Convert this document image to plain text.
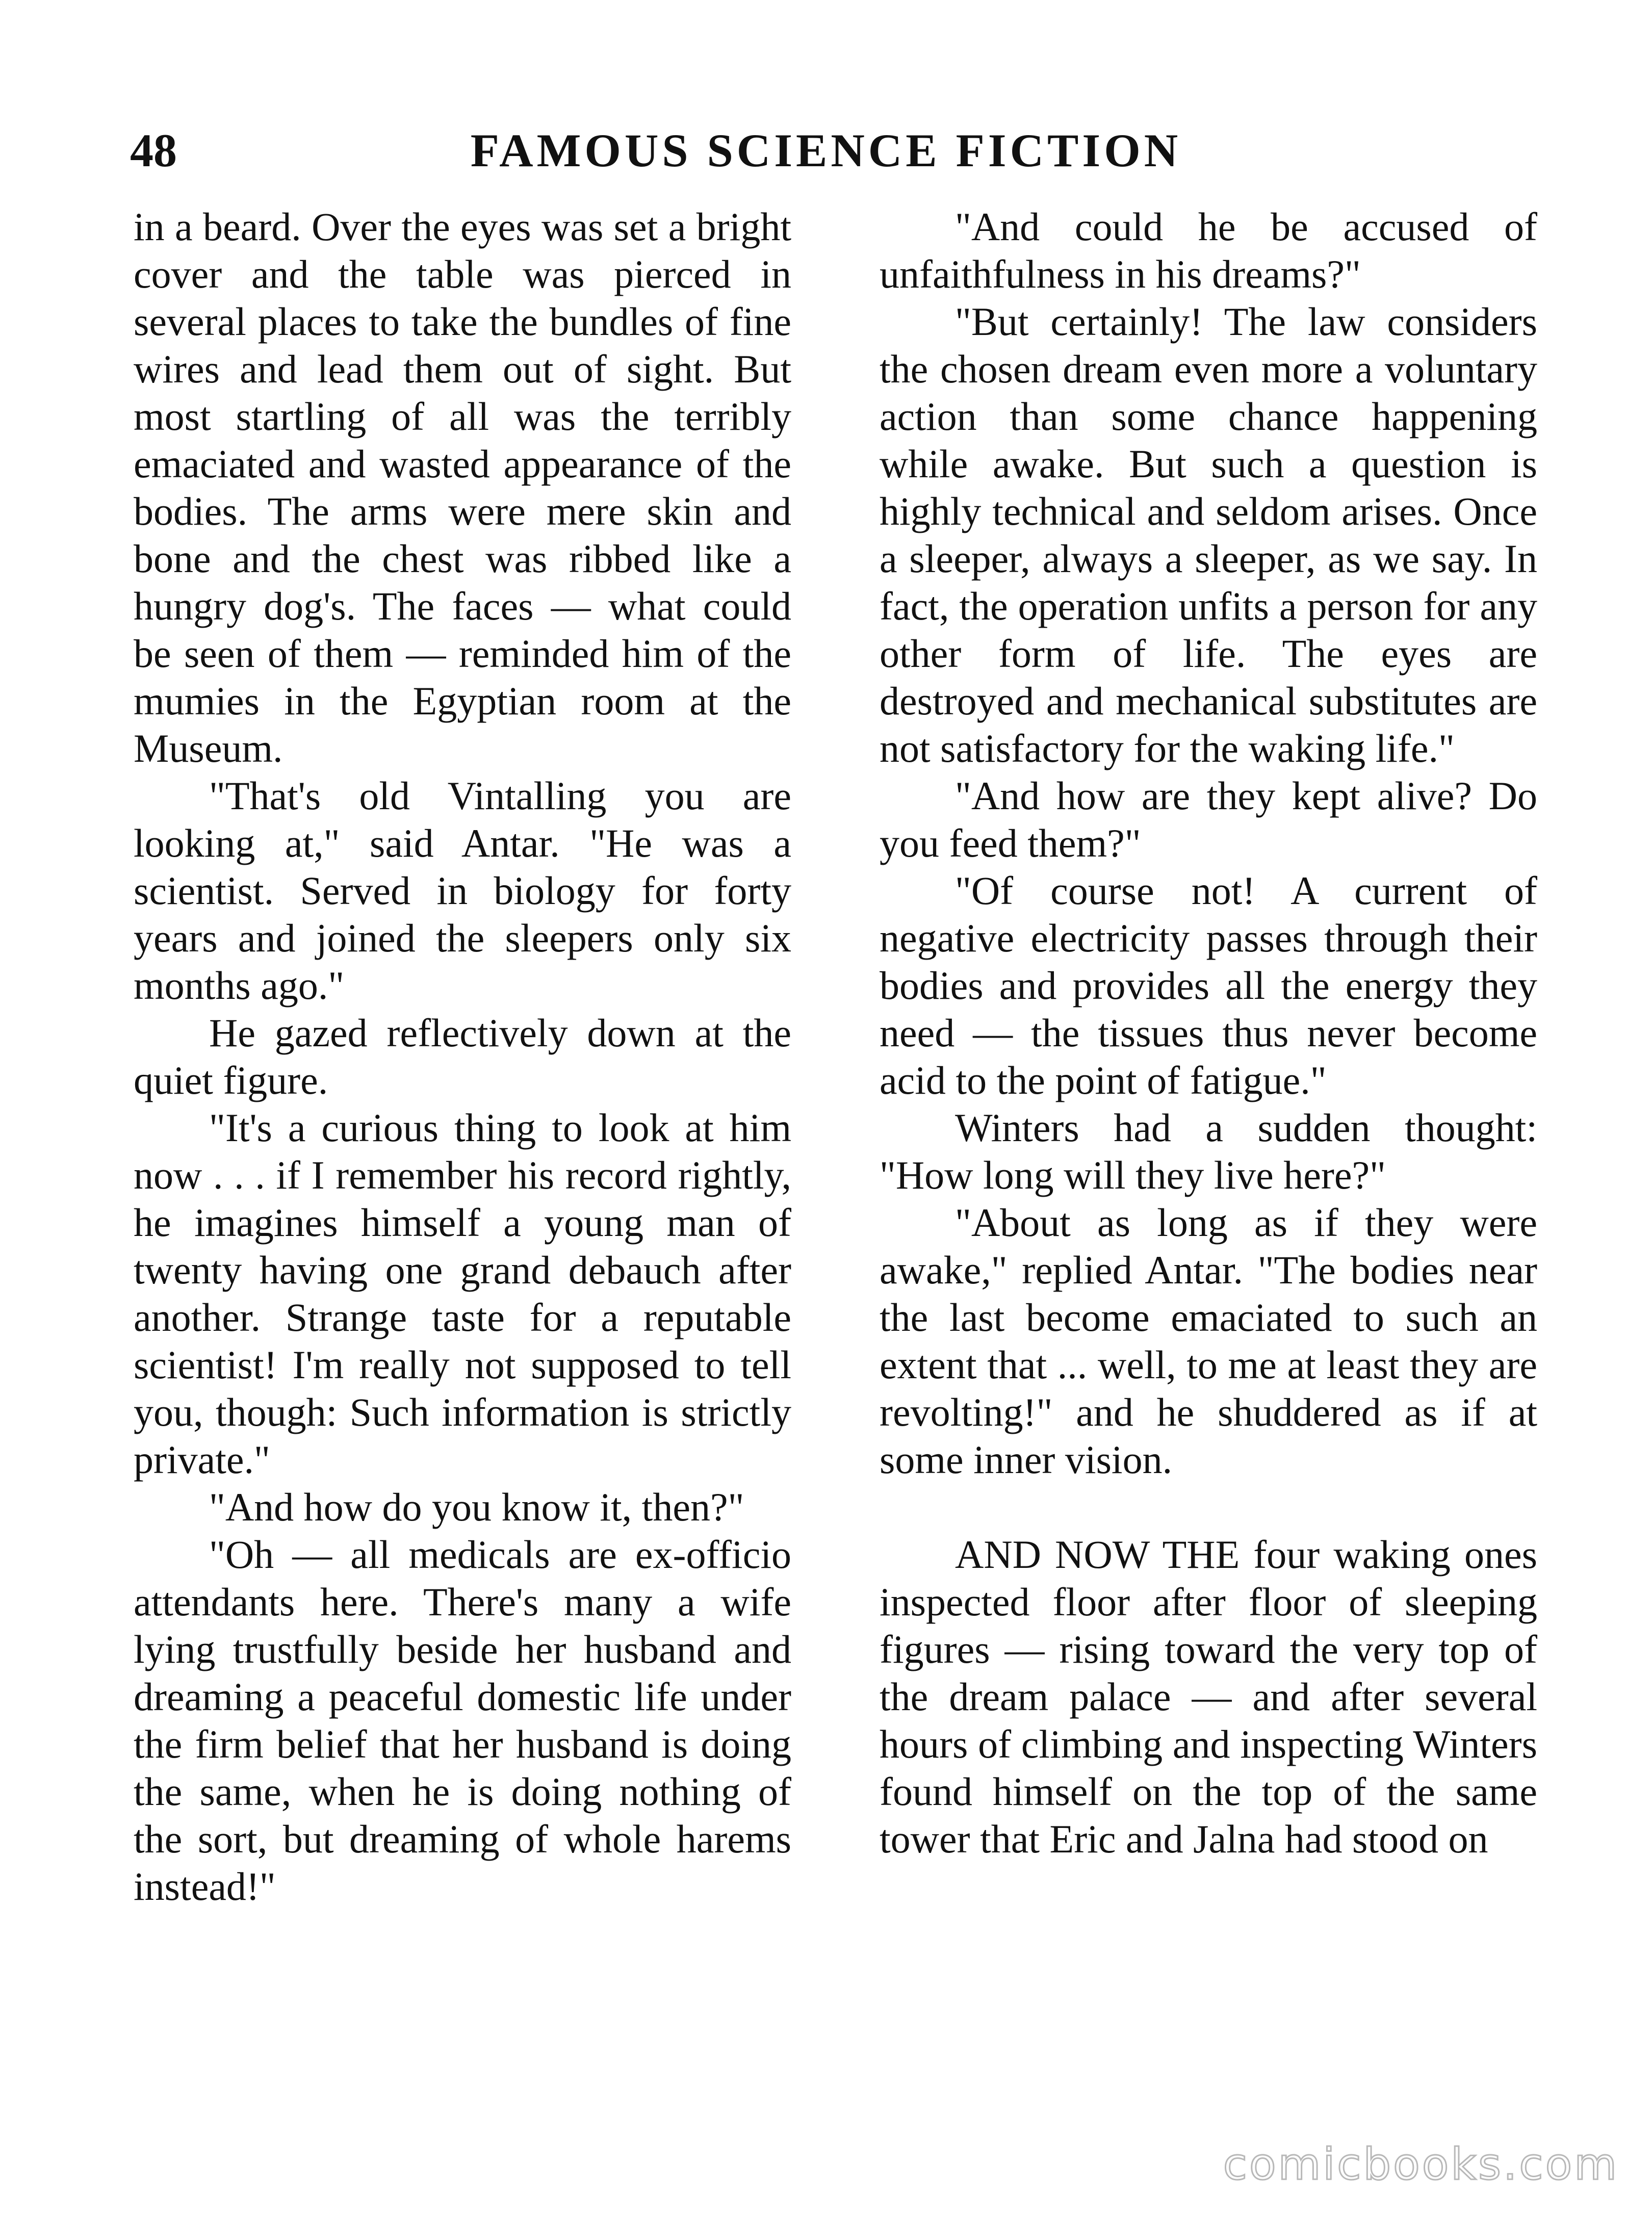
48	FAMOUS SCIENCE FICTION

in a beard. Over the eyes was set a bright cover and the table was pierced in several places to take the bundles of fine wires and lead them out of sight. But most startling of all was the terribly emaciated and wasted appearance of the bodies. The arms were mere skin and bone and the chest was ribbed like a hungry dog's. The faces — what could be seen of them — reminded him of the mumies in the Egyptian room at the Museum.

"That's old Vintalling you are looking at," said Antar. "He was a scientist. Served in biology for forty years and joined the sleepers only six months ago."

He gazed reflectively down at the quiet figure.

"It's a curious thing to look at him now . . . if I remember his record rightly, he imagines himself a young man of twenty having one grand debauch after another. Strange taste for a reputable scientist! I'm really not supposed to tell you, though: Such information is strictly private."

"And how do you know it, then?"

"Oh — all medicals are ex-officio attendants here. There's many a wife lying trustfully beside her husband and dreaming a peaceful domestic life under the firm belief that her husband is doing the same, when he is doing nothing of the sort, but dreaming of whole harems instead!"

"And could he be accused of unfaithfulness in his dreams?"

"But certainly! The law considers the chosen dream even more a voluntary action than some chance happening while awake. But such a question is highly technical and seldom arises. Once a sleeper, always a sleeper, as we say. In fact, the operation unfits a person for any other form of life. The eyes are destroyed and mechanical substitutes are not satisfactory for the waking life."

"And how are they kept alive? Do you feed them?"

"Of course not! A current of negative electricity passes through their bodies and provides all the energy they need — the tissues thus never become acid to the point of fatigue."

Winters had a sudden thought: "How long will they live here?"

"About as long as if they were awake," replied Antar. "The bodies near the last become emaciated to such an extent that ... well, to me at least they are revolting!" and he shuddered as if at some inner vision.

AND NOW THE four waking ones inspected floor after floor of sleeping figures — rising toward the very top of the dream palace — and after several hours of climbing and inspecting Winters found himself on the top of the same tower that Eric and Jalna had stood on

comicbooks.com
